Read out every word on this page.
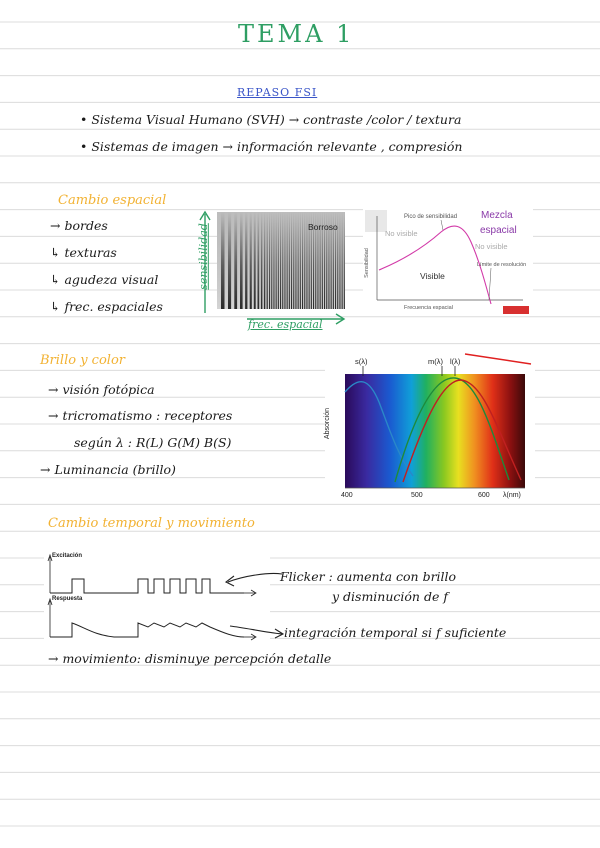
TEMA 1
REPASO FSI
• Sistema Visual Humano (SVH) → contraste /color / textura
• Sistemas de imagen → información relevante , compresión
Cambio espacial
→ bordes
↳ texturas
↳ agudeza visual
↳ frec. espaciales
sensibilidad
frec. espacial
Borroso
Pico de sensibilidad
No visible
No visible
Visible
Límite de resolución
Frecuencia espacial
Sensibilidad
Mezcla
espacial
Brillo y color
→ visión fotópica
→ tricromatismo : receptores
según λ : R(L) G(M) B(S)
→ Luminancia (brillo)
s(λ)	m(λ) l(λ)
Absorción
400	500	600 λ(nm)
Cambio temporal y movimiento
Excitación
Respuesta
Flicker : aumenta con brillo
y disminución de f
integración temporal si f suficiente
→ movimiento: disminuye percepción detalle
